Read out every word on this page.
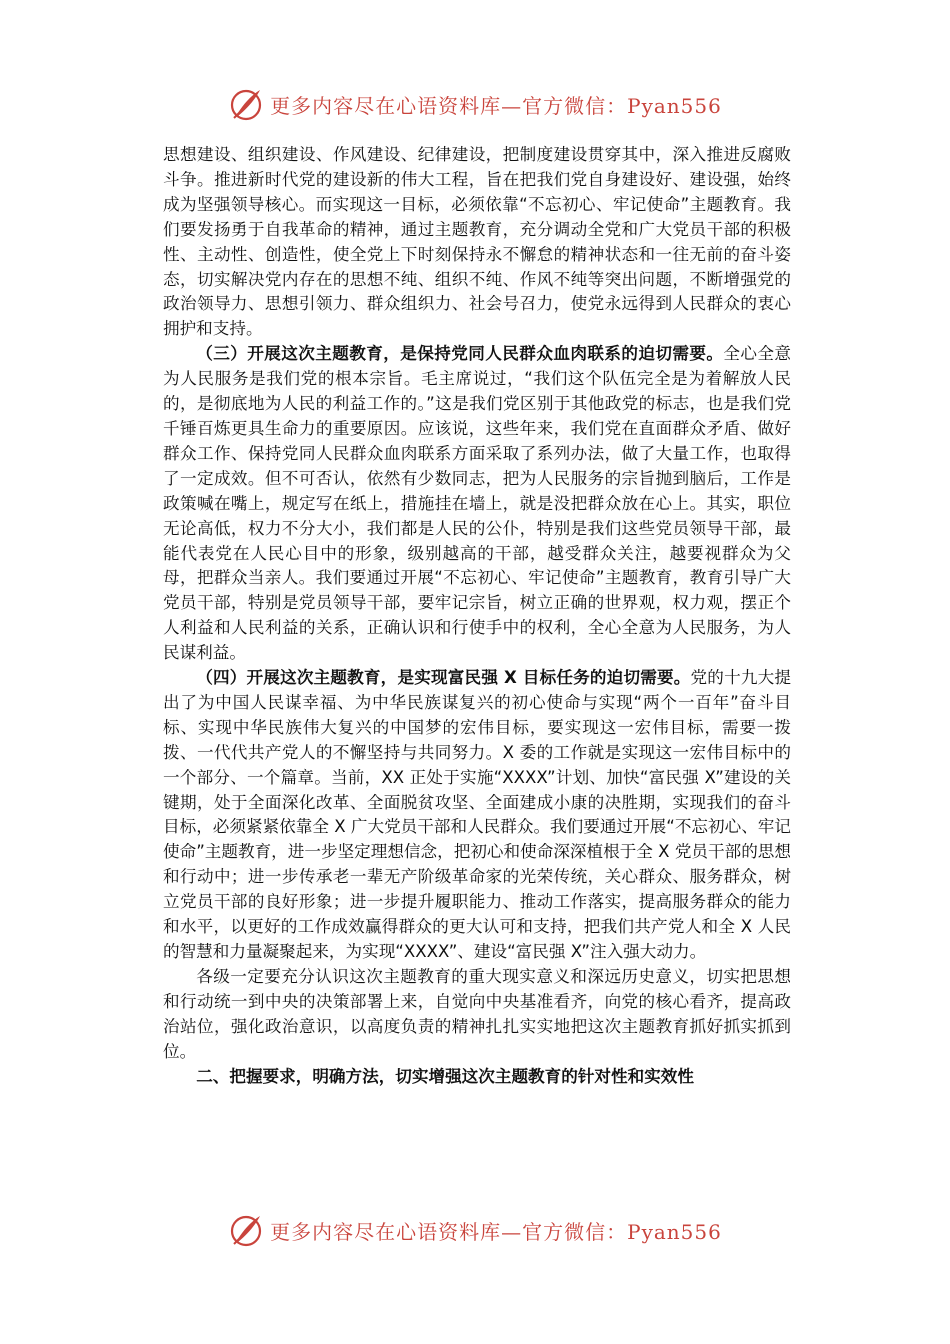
更多内容尽在心语资料库—官方微信：Pyan556

思想建设、组织建设、作风建设、纪律建设，把制度建设贯穿其中，深入推进反腐败斗争。推进新时代党的建设新的伟大工程，旨在把我们党自身建设好、建设强，始终成为坚强领导核心。而实现这一目标，必须依靠“不忘初心、牢记使命”主题教育。我们要发扬勇于自我革命的精神，通过主题教育，充分调动全党和广大党员干部的积极性、主动性、创造性，使全党上下时刻保持永不懈怠的精神状态和一往无前的奋斗姿态，切实解决党内存在的思想不纯、组织不纯、作风不纯等突出问题，不断增强党的政治领导力、思想引领力、群众组织力、社会号召力，使党永远得到人民群众的衷心拥护和支持。

（三）开展这次主题教育，是保持党同人民群众血肉联系的迫切需要。全心全意为人民服务是我们党的根本宗旨。毛主席说过，“我们这个队伍完全是为着解放人民的，是彻底地为人民的利益工作的。”这是我们党区别于其他政党的标志，也是我们党千锤百炼更具生命力的重要原因。应该说，这些年来，我们党在直面群众矛盾、做好群众工作、保持党同人民群众血肉联系方面采取了系列办法，做了大量工作，也取得了一定成效。但不可否认，依然有少数同志，把为人民服务的宗旨抛到脑后，工作是政策喊在嘴上，规定写在纸上，措施挂在墙上，就是没把群众放在心上。其实，职位无论高低，权力不分大小，我们都是人民的公仆，特别是我们这些党员领导干部，最能代表党在人民心目中的形象，级别越高的干部，越受群众关注，越要视群众为父母，把群众当亲人。我们要通过开展“不忘初心、牢记使命”主题教育，教育引导广大党员干部，特别是党员领导干部，要牢记宗旨，树立正确的世界观，权力观，摆正个人利益和人民利益的关系，正确认识和行使手中的权利，全心全意为人民服务，为人民谋利益。

（四）开展这次主题教育，是实现富民强 X 目标任务的迫切需要。党的十九大提出了为中国人民谋幸福、为中华民族谋复兴的初心使命与实现“两个一百年”奋斗目标、实现中华民族伟大复兴的中国梦的宏伟目标，要实现这一宏伟目标，需要一拨拨、一代代共产党人的不懈坚持与共同努力。X 委的工作就是实现这一宏伟目标中的一个部分、一个篇章。当前，XX 正处于实施“XXXX”计划、加快“富民强 X”建设的关键期，处于全面深化改革、全面脱贫攻坚、全面建成小康的决胜期，实现我们的奋斗目标，必须紧紧依靠全 X 广大党员干部和人民群众。我们要通过开展“不忘初心、牢记使命”主题教育，进一步坚定理想信念，把初心和使命深深植根于全 X 党员干部的思想和行动中；进一步传承老一辈无产阶级革命家的光荣传统，关心群众、服务群众，树立党员干部的良好形象；进一步提升履职能力、推动工作落实，提高服务群众的能力和水平，以更好的工作成效赢得群众的更大认可和支持，把我们共产党人和全 X 人民的智慧和力量凝聚起来，为实现“XXXX”、建设“富民强 X”注入强大动力。

各级一定要充分认识这次主题教育的重大现实意义和深远历史意义，切实把思想和行动统一到中央的决策部署上来，自觉向中央基准看齐，向党的核心看齐，提高政治站位，强化政治意识，以高度负责的精神扎扎实实地把这次主题教育抓好抓实抓到位。

二、把握要求，明确方法，切实增强这次主题教育的针对性和实效性

更多内容尽在心语资料库—官方微信：Pyan556
